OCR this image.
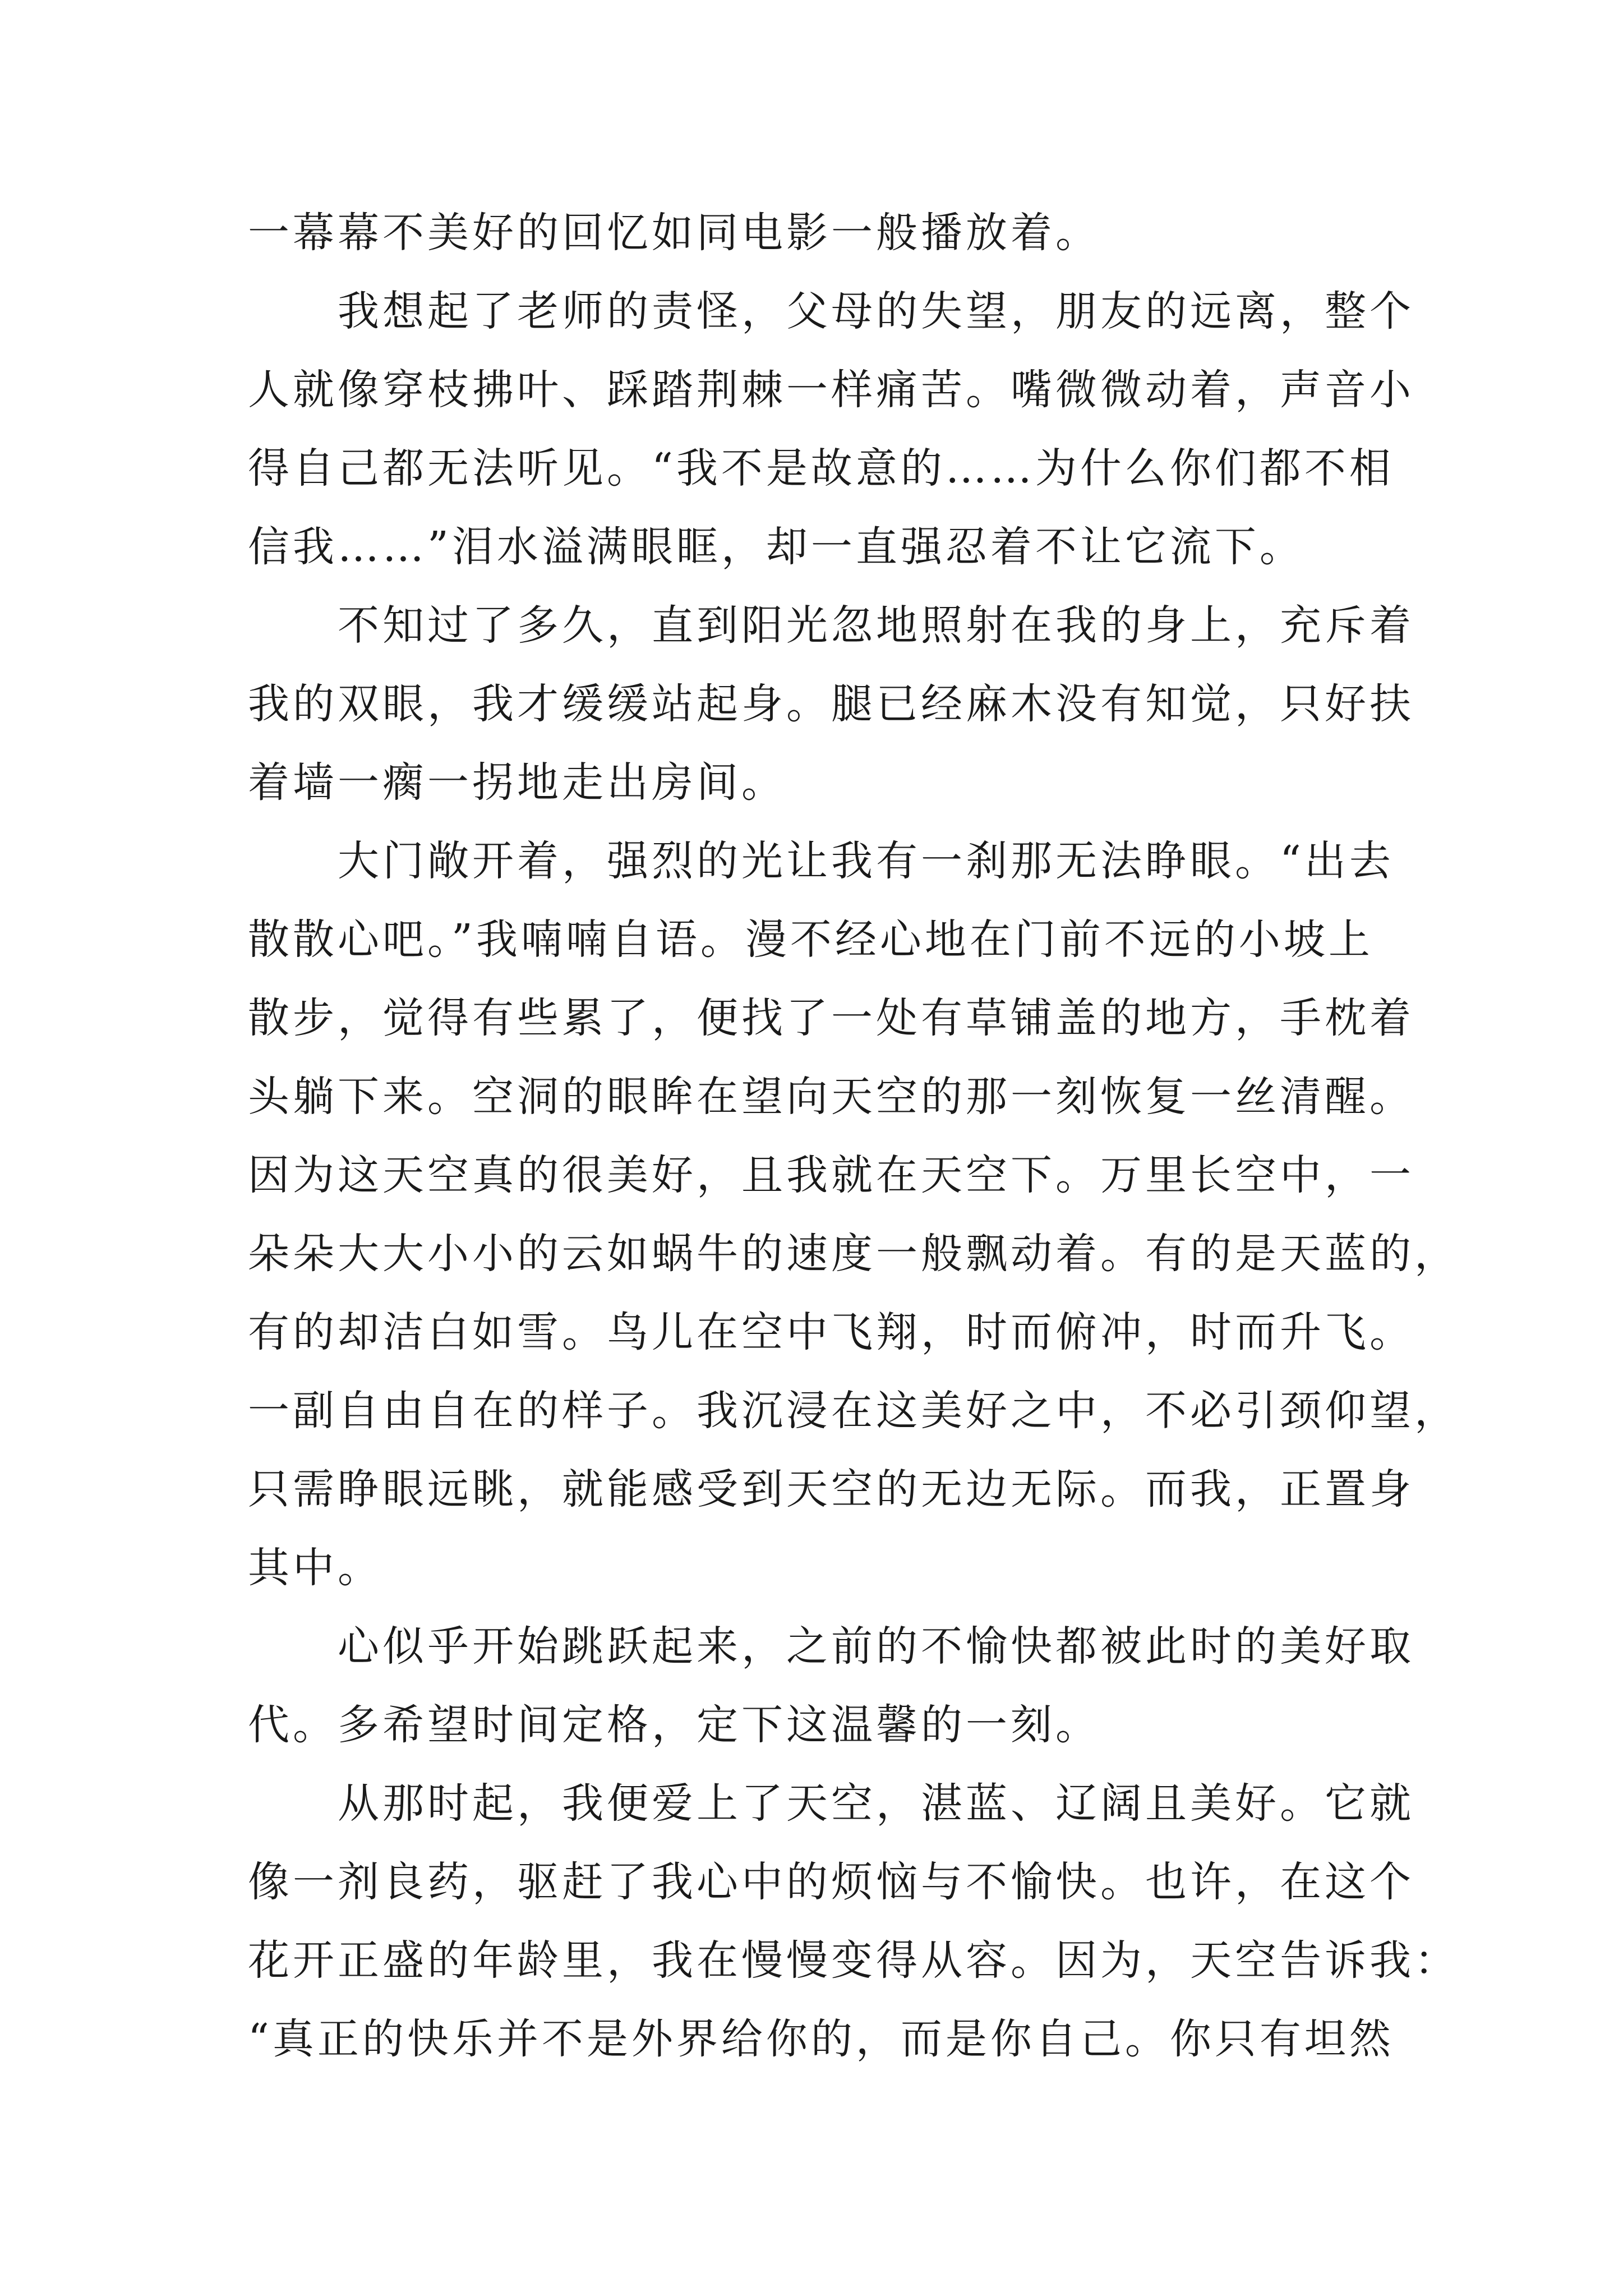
一幕幕不美好的回忆如同电影一般播放着。
我想起了老师的责怪，父母的失望，朋友的远离，整个
人就像穿枝拂叶、踩踏荆棘一样痛苦。嘴微微动着，声音小
得自己都无法听见。“我不是故意的……为什么你们都不相
信我……”泪水溢满眼眶，却一直强忍着不让它流下。
不知过了多久，直到阳光忽地照射在我的身上，充斥着
我的双眼，我才缓缓站起身。腿已经麻木没有知觉，只好扶
着墙一瘸一拐地走出房间。
大门敞开着，强烈的光让我有一刹那无法睁眼。“出去
散散心吧。”我喃喃自语。漫不经心地在门前不远的小坡上
散步，觉得有些累了，便找了一处有草铺盖的地方，手枕着
头躺下来。空洞的眼眸在望向天空的那一刻恢复一丝清醒。
因为这天空真的很美好，且我就在天空下。万里长空中，一
朵朵大大小小的云如蜗牛的速度一般飘动着。有的是天蓝的，
有的却洁白如雪。鸟儿在空中飞翔，时而俯冲，时而升飞。
一副自由自在的样子。我沉浸在这美好之中，不必引颈仰望，
只需睁眼远眺，就能感受到天空的无边无际。而我，正置身
其中。
心似乎开始跳跃起来，之前的不愉快都被此时的美好取
代。多希望时间定格，定下这温馨的一刻。
从那时起，我便爱上了天空，湛蓝、辽阔且美好。它就
像一剂良药，驱赶了我心中的烦恼与不愉快。也许，在这个
花开正盛的年龄里，我在慢慢变得从容。因为，天空告诉我：
“真正的快乐并不是外界给你的，而是你自己。你只有坦然
